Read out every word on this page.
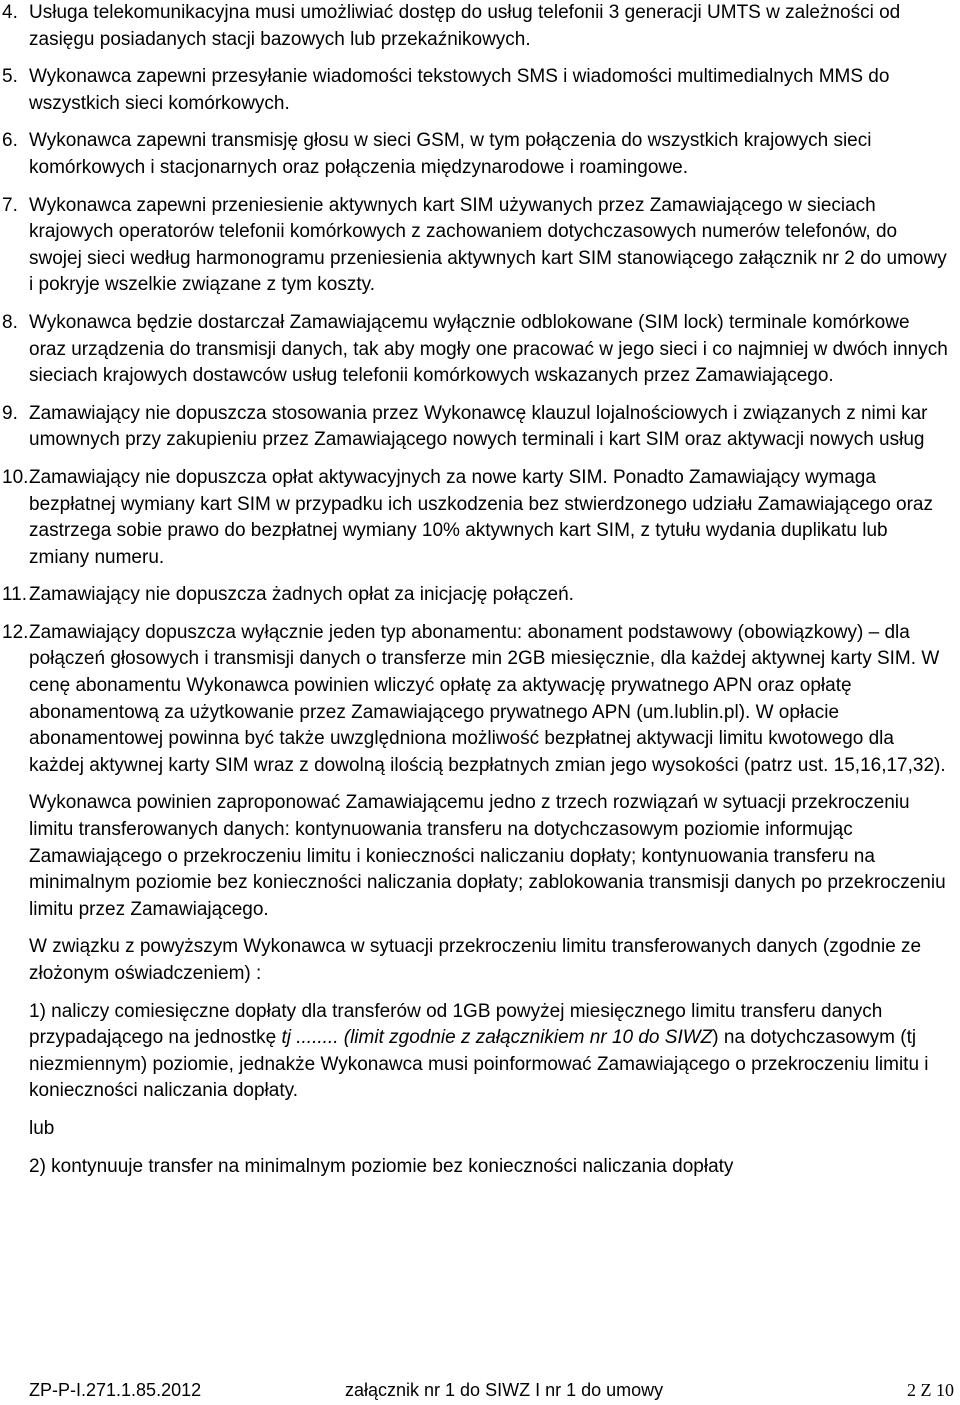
4. Usługa telekomunikacyjna musi umożliwiać dostęp do usług telefonii 3 generacji UMTS w zależności od zasięgu posiadanych stacji bazowych lub przekaźnikowych.
5. Wykonawca zapewni przesyłanie wiadomości tekstowych SMS i wiadomości multimedialnych MMS do wszystkich sieci komórkowych.
6. Wykonawca zapewni transmisję głosu w sieci GSM, w tym połączenia do wszystkich krajowych sieci komórkowych i stacjonarnych oraz połączenia międzynarodowe i roamingowe.
7. Wykonawca zapewni przeniesienie aktywnych kart SIM używanych przez Zamawiającego w sieciach krajowych operatorów telefonii komórkowych z zachowaniem dotychczasowych numerów telefonów, do swojej sieci według harmonogramu przeniesienia aktywnych kart SIM stanowiącego załącznik nr 2 do umowy i pokryje wszelkie związane z tym koszty.
8. Wykonawca będzie dostarczał Zamawiającemu wyłącznie odblokowane (SIM lock) terminale komórkowe oraz urządzenia do transmisji danych, tak aby mogły one pracować w jego sieci i co najmniej w dwóch innych sieciach krajowych dostawców usług telefonii komórkowych wskazanych przez Zamawiającego.
9. Zamawiający nie dopuszcza stosowania przez Wykonawcę klauzul lojalnościowych i związanych z nimi kar umownych przy zakupieniu przez Zamawiającego nowych terminali i kart SIM oraz aktywacji nowych usług
10. Zamawiający nie dopuszcza opłat aktywacyjnych za nowe karty SIM. Ponadto Zamawiający wymaga bezpłatnej wymiany kart SIM w przypadku ich uszkodzenia bez stwierdzonego udziału Zamawiającego oraz zastrzega sobie prawo do bezpłatnej wymiany 10% aktywnych kart SIM, z tytułu wydania duplikatu lub zmiany numeru.
11. Zamawiający nie dopuszcza żadnych opłat za inicjację połączeń.
12. Zamawiający dopuszcza wyłącznie jeden typ abonamentu: abonament podstawowy (obowiązkowy) – dla połączeń głosowych i transmisji danych o transferze min 2GB miesięcznie, dla każdej aktywnej karty SIM. W cenę abonamentu Wykonawca powinien wliczyć opłatę za aktywację prywatnego APN oraz opłatę abonamentową za użytkowanie przez Zamawiającego prywatnego APN (um.lublin.pl). W opłacie abonamentowej powinna być także uwzględniona możliwość bezpłatnej aktywacji limitu kwotowego dla każdej aktywnej karty SIM wraz z dowolną ilością bezpłatnych zmian jego wysokości (patrz ust. 15,16,17,32).
Wykonawca powinien zaproponować Zamawiającemu jedno z trzech rozwiązań w sytuacji przekroczeniu limitu transferowanych danych: kontynuowania transferu na dotychczasowym poziomie informując Zamawiającego o przekroczeniu limitu i konieczności naliczaniu dopłaty; kontynuowania transferu na minimalnym poziomie bez konieczności naliczania dopłaty; zablokowania transmisji danych po przekroczeniu limitu przez Zamawiającego.
W związku z powyższym Wykonawca w sytuacji przekroczeniu limitu transferowanych danych (zgodnie ze złożonym oświadczeniem) :
1) naliczy comiesięczne dopłaty dla transferów od 1GB powyżej miesięcznego limitu transferu danych przypadającego na jednostkę tj ........ (limit zgodnie z załącznikiem nr 10 do SIWZ) na dotychczasowym (tj niezmiennym) poziomie, jednakże Wykonawca musi poinformować Zamawiającego o przekroczeniu limitu i konieczności naliczania dopłaty.
lub
2) kontynuuje transfer na minimalnym poziomie bez konieczności naliczania dopłaty
ZP-P-I.271.1.85.2012	załącznik nr 1 do SIWZ I nr 1 do umowy	2 Z 10
